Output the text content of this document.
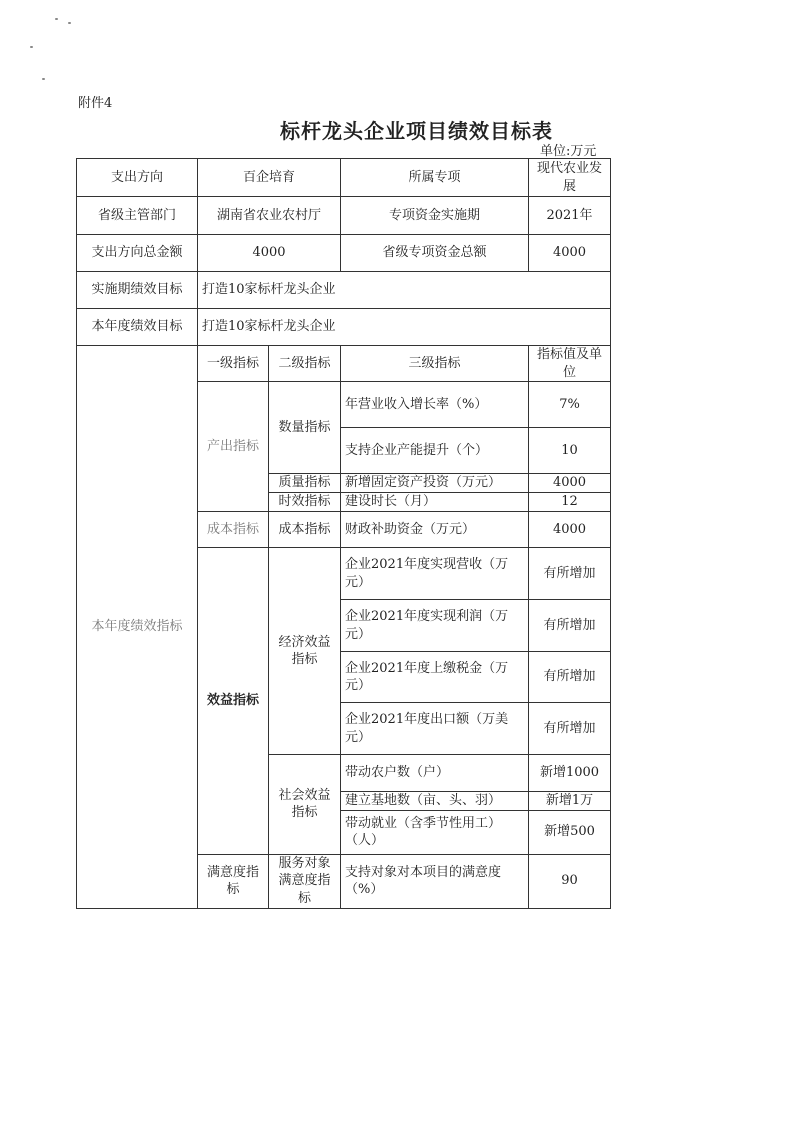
附件4
标杆龙头企业项目绩效目标表
单位:万元
支出方向	百企培育		所属专项	现代农业发展
省级主管部门	湖南省农业农村厅		专项资金实施期	2021年
支出方向总金额	4000		省级专项资金总额	4000
实施期绩效目标	打造10家标杆龙头企业			
本年度绩效目标	打造10家标杆龙头企业			
本年度绩效指标	一级指标	二级指标	三级指标	指标值及单位
	产出指标	数量指标	年营业收入增长率（%）	7%
			支持企业产能提升（个）	10
		质量指标	新增固定资产投资（万元）	4000
		时效指标	建设时长（月）	12
	成本指标	成本指标	财政补助资金（万元）	4000
	效益指标	经济效益指标	企业2021年度实现营收（万元）	有所增加
			企业2021年度实现利润（万元）	有所增加
			企业2021年度上缴税金（万元）	有所增加
			企业2021年度出口额（万美元）	有所增加
		社会效益指标	带动农户数（户）	新增1000
			建立基地数（亩、头、羽）	新增1万
			带动就业（含季节性用工）（人）	新增500
	满意度指标	服务对象满意度指标	支持对象对本项目的满意度（%）	90
